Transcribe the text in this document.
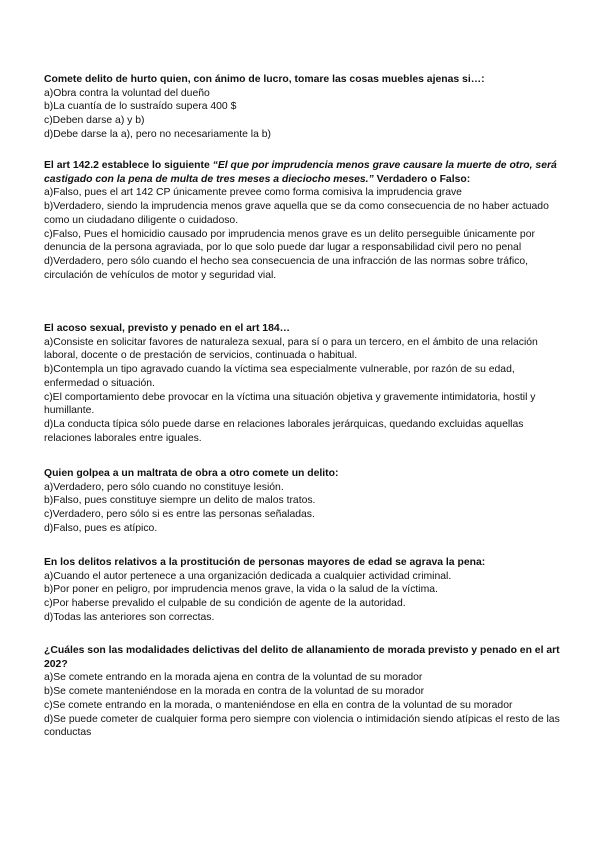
Comete delito de hurto quien, con ánimo de lucro, tomare las cosas muebles ajenas si…:

a)Obra contra la voluntad del dueño

b)La cuantía de lo sustraído supera 400 $

c)Deben darse a) y b)

d)Debe darse la a), pero no necesariamente la b)

El art 142.2 establece lo siguiente “El que por imprudencia menos grave causare la muerte de otro, será castigado con la pena de multa de tres meses a dieciocho meses.” Verdadero o Falso:

a)Falso, pues el art 142 CP únicamente prevee como forma comisiva la imprudencia grave

b)Verdadero, siendo la imprudencia menos grave aquella que se da como consecuencia de no haber actuado como un ciudadano diligente o cuidadoso.

c)Falso, Pues el homicidio causado por imprudencia menos grave es un delito perseguible únicamente por denuncia de la persona agraviada, por lo que solo puede dar lugar a responsabilidad civil pero no penal

d)Verdadero, pero sólo cuando el hecho sea consecuencia de una infracción de las normas sobre tráfico, circulación de vehículos de motor y seguridad vial.

El acoso sexual, previsto y penado en el art 184…

a)Consiste en solicitar favores de naturaleza sexual, para sí o para un tercero, en el ámbito de una relación laboral, docente o de prestación de servicios, continuada o habitual.

b)Contempla un tipo agravado cuando la víctima sea especialmente vulnerable, por razón de su edad, enfermedad o situación.

c)El comportamiento debe provocar en la víctima una situación objetiva y gravemente intimidatoria, hostil y humillante.

d)La conducta típica sólo puede darse en relaciones laborales jerárquicas, quedando excluidas aquellas relaciones laborales entre iguales.

Quien golpea a un maltrata de obra a otro comete un delito:

a)Verdadero, pero sólo cuando no constituye lesión.

b)Falso, pues constituye siempre un delito de malos tratos.

c)Verdadero, pero sólo si es entre las personas señaladas.

d)Falso, pues es atípico.

En los delitos relativos a la prostitución de personas mayores de edad se agrava la pena:

a)Cuando el autor pertenece a una organización dedicada a cualquier actividad criminal.

b)Por poner en peligro, por imprudencia menos grave, la vida o la salud de la víctima.

c)Por haberse prevalido el culpable de su condición de agente de la autoridad.

d)Todas las anteriores son correctas.

¿Cuáles son las modalidades delictivas del delito de allanamiento de morada previsto y penado en el art 202?

a)Se comete entrando en la morada ajena en contra de la voluntad de su morador

b)Se comete manteniéndose en la morada en contra de la voluntad de su morador

c)Se comete entrando en la morada, o manteniéndose en ella en contra de la voluntad de su morador

d)Se puede cometer de cualquier forma pero siempre con violencia o intimidación siendo atípicas el resto de las conductas
